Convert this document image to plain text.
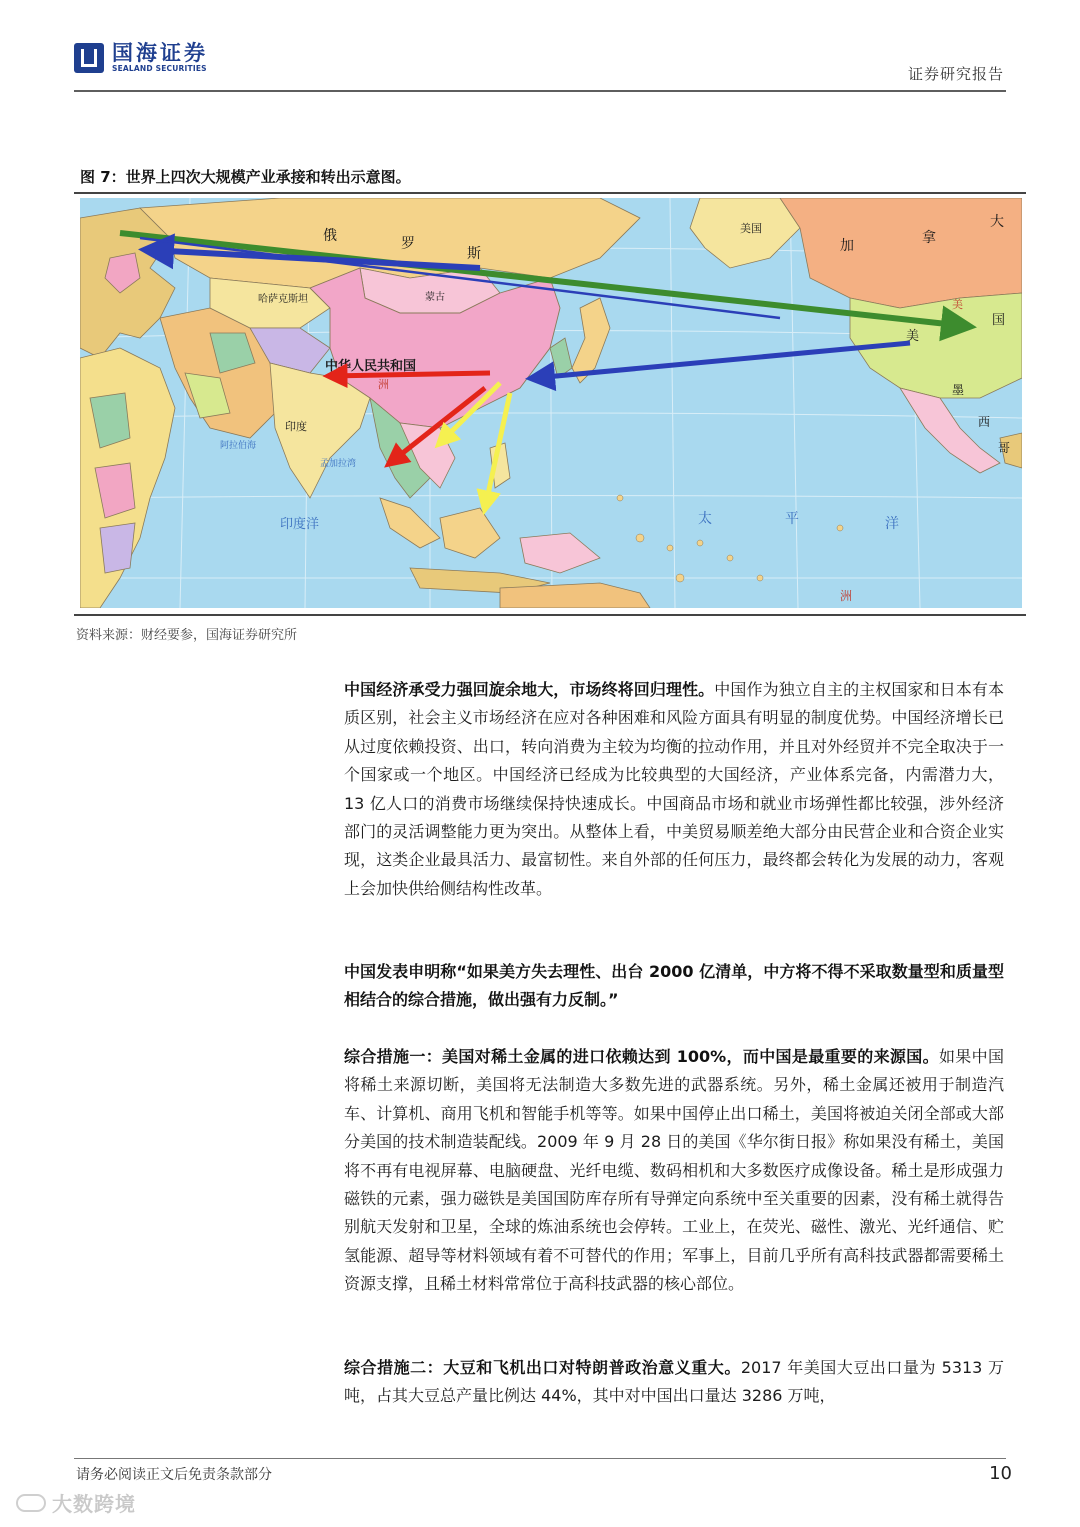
国海证券
SEALAND SECURITIES	证券研究报告
图 7：世界上四次大规模产业承接和转出示意图。
俄	罗
斯
哈萨克斯坦	蒙古
中华人民共和国
洲
印度
孟加拉湾
阿拉伯海
印度洋	太	平	洋
美国
加	拿
大
美
国
美
墨
西
哥
洲
资料来源：财经要参，国海证券研究所

中国经济承受力强回旋余地大，市场终将回归理性。中国作为独立自主的主权国家和日本有本质区别，社会主义市场经济在应对各种困难和风险方面具有明显的制度优势。中国经济增长已从过度依赖投资、出口，转向消费为主较为均衡的拉动作用，并且对外经贸并不完全取决于一个国家或一个地区。中国经济已经成为比较典型的大国经济，产业体系完备，内需潜力大，13 亿人口的消费市场继续保持快速成长。中国商品市场和就业市场弹性都比较强，涉外经济部门的灵活调整能力更为突出。从整体上看，中美贸易顺差绝大部分由民营企业和合资企业实现，这类企业最具活力、最富韧性。来自外部的任何压力，最终都会转化为发展的动力，客观上会加快供给侧结构性改革。

中国发表申明称“如果美方失去理性、出台 2000 亿清单，中方将不得不采取数量型和质量型相结合的综合措施，做出强有力反制。”

综合措施一：美国对稀土金属的进口依赖达到 100%，而中国是最重要的来源国。如果中国将稀土来源切断，美国将无法制造大多数先进的武器系统。另外，稀土金属还被用于制造汽车、计算机、商用飞机和智能手机等等。如果中国停止出口稀土，美国将被迫关闭全部或大部分美国的技术制造装配线。2009 年 9 月 28 日的美国《华尔街日报》称如果没有稀土，美国将不再有电视屏幕、电脑硬盘、光纤电缆、数码相机和大多数医疗成像设备。稀土是形成强力磁铁的元素，强力磁铁是美国国防库存所有导弹定向系统中至关重要的因素，没有稀土就得告别航天发射和卫星，全球的炼油系统也会停转。工业上，在荧光、磁性、激光、光纤通信、贮氢能源、超导等材料领域有着不可替代的作用；军事上，目前几乎所有高科技武器都需要稀土资源支撑，且稀土材料常常位于高科技武器的核心部位。

综合措施二：大豆和飞机出口对特朗普政治意义重大。2017 年美国大豆出口量为 5313 万吨，占其大豆总产量比例达 44%，其中对中国出口量达 3286 万吨，

请务必阅读正文后免责条款部分	10
大数跨境
